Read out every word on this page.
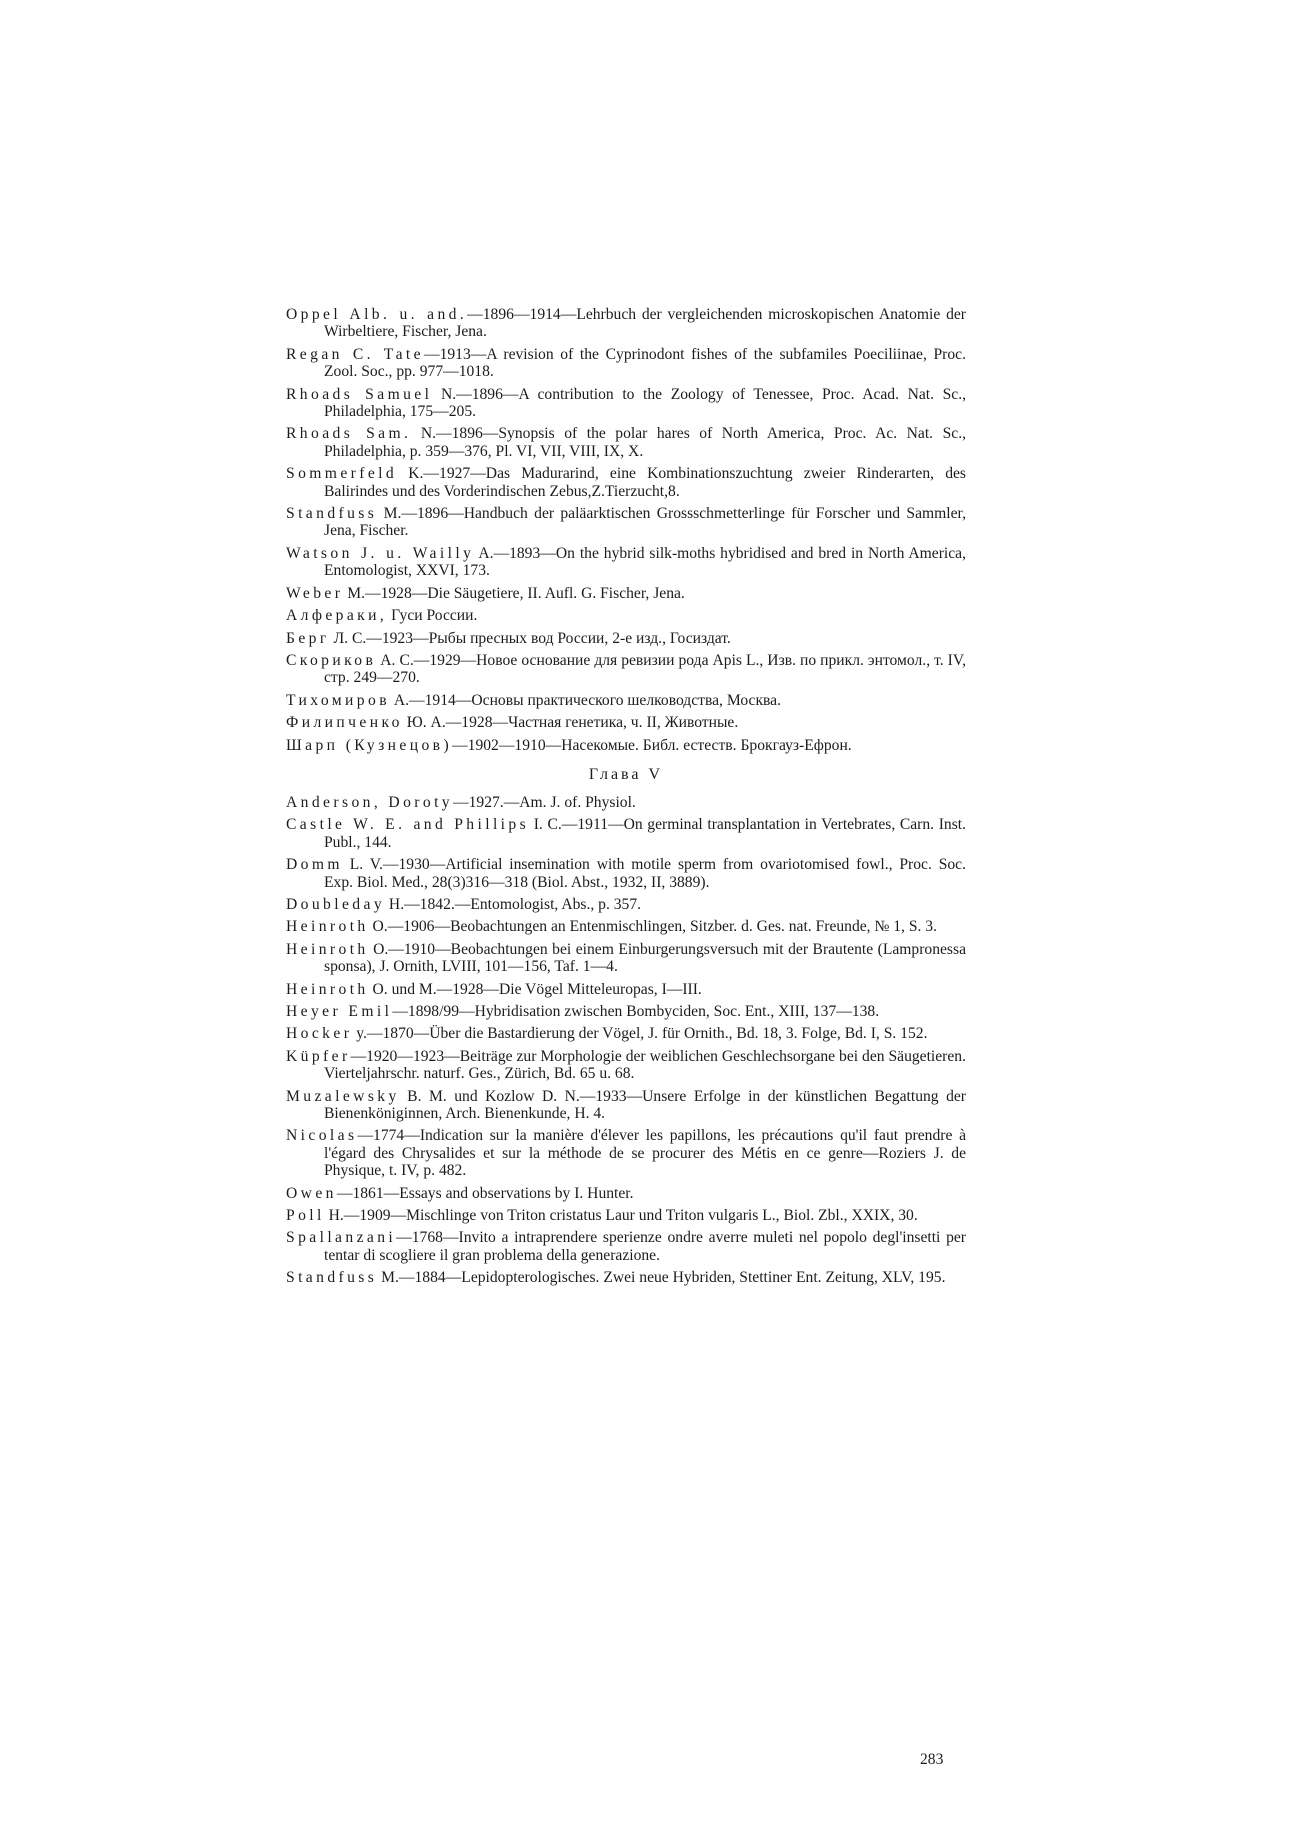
Oppel Alb. u. and.—1896—1914—Lehrbuch der vergleichenden microskopischen Anatomie der Wirbeltiere, Fischer, Jena.

Regan C. Tate—1913—A revision of the Cyprinodont fishes of the subfamiles Poeciliinae, Proc. Zool. Soc., pp. 977—1018.

Rhoads Samuel N.—1896—A contribution to the Zoology of Tenessee, Proc. Acad. Nat. Sc., Philadelphia, 175—205.

Rhoads Sam. N.—1896—Synopsis of the polar hares of North America, Proc. Ac. Nat. Sc., Philadelphia, p. 359—376, Pl. VI, VII, VIII, IX, X.

Sommerfeld K.—1927—Das Madurarind, eine Kombinationszuchtung zweier Rinderarten, des Balirindes und des Vorderindischen Zebus,Z.Tierzucht,8.

Standfuss M.—1896—Handbuch der paläarktischen Grossschmetterlinge für Forscher und Sammler, Jena, Fischer.

Watson J. u. Wailly A.—1893—On the hybrid silk-moths hybridised and bred in North America, Entomologist, XXVI, 173.

Weber M.—1928—Die Säugetiere, II. Aufl. G. Fischer, Jena.

Алфераки, Гуси России.

Берг Л. С.—1923—Рыбы пресных вод России, 2-е изд., Госиздат.

Скориков А. С.—1929—Новое основание для ревизии рода Apis L., Изв. по прикл. энтомол., т. IV, стр. 249—270.

Тихомиров А.—1914—Основы практического шелководства, Москва.

Филипченко Ю. А.—1928—Частная генетика, ч. II, Животные.

Шарп (Кузнецов)—1902—1910—Насекомые. Библ. естеств. Брокгауз-Ефрон.

Глава V

Anderson, Doroty—1927.—Am. J. of. Physiol.

Castle W. E. and Phillips I. C.—1911—On germinal transplantation in Vertebrates, Carn. Inst. Publ., 144.

Domm L. V.—1930—Artificial insemination with motile sperm from ovariotomised fowl., Proc. Soc. Exp. Biol. Med., 28(3)316—318 (Biol. Abst., 1932, II, 3889).

Doubleday H.—1842.—Entomologist, Abs., p. 357.

Heinroth O.—1906—Beobachtungen an Entenmischlingen, Sitzber. d. Ges. nat. Freunde, № 1, S. 3.

Heinroth O.—1910—Beobachtungen bei einem Einburgerungsversuch mit der Brautente (Lampronessa sponsa), J. Ornith, LVIII, 101—156, Taf. 1—4.

Heinroth O. und M.—1928—Die Vögel Mitteleuropas, I—III.

Heyer Emil—1898/99—Hybridisation zwischen Bombyciden, Soc. Ent., XIII, 137—138.

Hocker y.—1870—Über die Bastardierung der Vögel, J. für Ornith., Bd. 18, 3. Folge, Bd. I, S. 152.

Küpfer—1920—1923—Beiträge zur Morphologie der weiblichen Geschlechsorgane bei den Säugetieren. Vierteljahrschr. naturf. Ges., Zürich, Bd. 65 u. 68.

Muzalewsky B. M. und Kozlow D. N.—1933—Unsere Erfolge in der künstlichen Begattung der Bienenköniginnen, Arch. Bienenkunde, H. 4.

Nicolas—1774—Indication sur la manière d'élever les papillons, les précautions qu'il faut prendre à l'égard des Chrysalides et sur la méthode de se procurer des Métis en ce genre—Roziers J. de Physique, t. IV, p. 482.

Owen—1861—Essays and observations by I. Hunter.

Poll H.—1909—Mischlinge von Triton cristatus Laur und Triton vulgaris L., Biol. Zbl., XXIX, 30.

Spallanzani—1768—Invito a intraprendere sperienze ondre averre muleti nel popolo degl'insetti per tentar di scogliere il gran problema della generazione.

Standfuss M.—1884—Lepidopterologisches. Zwei neue Hybriden, Stettiner Ent. Zeitung, XLV, 195.

283
